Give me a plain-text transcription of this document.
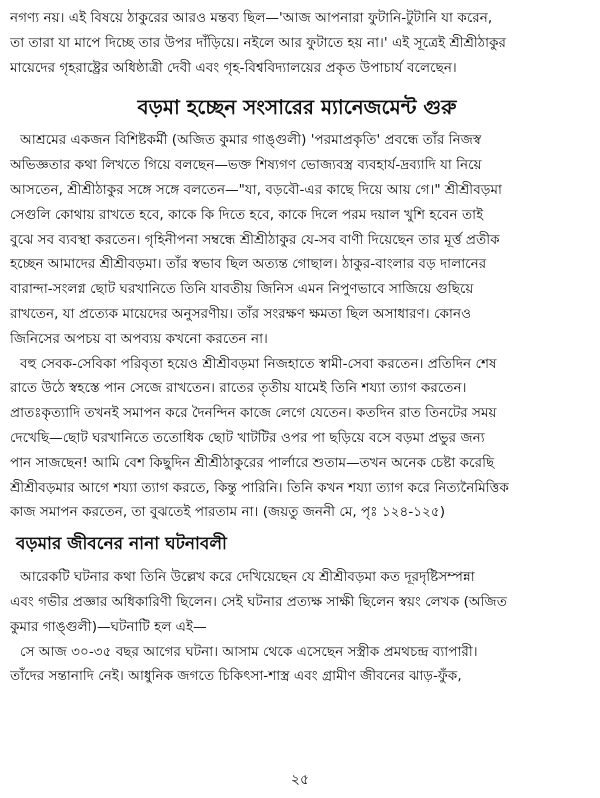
নগণ্য নয়। এই বিষয়ে ঠাকুরের আরও মন্তব্য ছিল—'আজ আপনারা ফুটানি-টুটানি যা করেন,
তা তারা যা মাপে দিচ্ছে তার উপর দাঁড়িয়ে। নইলে আর ফুটাতে হয় না।' এই সূত্রেই শ্রীশ্রীঠাকুর
মায়েদের গৃহরাষ্ট্রের অধিষ্ঠাত্রী দেবী এবং গৃহ-বিশ্ববিদ্যালয়ের প্রকৃত উপাচার্য বলেছেন।
বড়মা হচ্ছেন সংসারের ম্যানেজমেন্ট গুরু
আশ্রমের একজন বিশিষ্টকর্মী (অজিত কুমার গাঙ্গুলী) 'পরমাপ্রকৃতি' প্রবন্ধে তাঁর নিজস্ব
অভিজ্ঞতার কথা লিখতে গিয়ে বলছেন—ভক্ত শিষ্যগণ ভোজ্যবস্ত্র ব্যবহার্য-দ্রব্যাদি যা নিয়ে
আসতেন, শ্রীশ্রীঠাকুর সঙ্গে সঙ্গে বলতেন—"যা, বড়বৌ-এর কাছে দিয়ে আয় গে।" শ্রীশ্রীবড়মা
সেগুলি কোথায় রাখতে হবে, কাকে কি দিতে হবে, কাকে দিলে পরম দয়াল খুশি হবেন তাই
বুঝে সব ব্যবস্থা করতেন। গৃহিনীপনা সম্বন্ধে শ্রীশ্রীঠাকুর যে-সব বাণী দিয়েছেন তার মূর্ত্ত প্রতীক
হচ্ছেন আমাদের শ্রীশ্রীবড়মা। তাঁর স্বভাব ছিল অত্যন্ত গোছাল। ঠাকুর-বাংলার বড় দালানের
বারান্দা-সংলগ্ন ছোট ঘরখানিতে তিনি যাবতীয় জিনিস এমন নিপুণভাবে সাজিয়ে গুছিয়ে
রাখতেন, যা প্রত্যেক মায়েদের অনুসরণীয়। তাঁর সংরক্ষণ ক্ষমতা ছিল অসাধারণ। কোনও
জিনিসের অপচয় বা অপব্যয় কখনো করতেন না।
বহু সেবক-সেবিকা পরিবৃতা হয়েও শ্রীশ্রীবড়মা নিজহাতে স্বামী-সেবা করতেন। প্রতিদিন শেষ
রাতে উঠে স্বহস্তে পান সেজে রাখতেন। রাতের তৃতীয় যামেই তিনি শয্যা ত্যাগ করতেন।
প্রাতঃকৃত্যাদি তখনই সমাপন করে দৈনন্দিন কাজে লেগে যেতেন। কতদিন রাত তিনটের সময়
দেখেছি—ছোট ঘরখানিতে ততোধিক ছোট খাটটির ওপর পা ছড়িয়ে বসে বড়মা প্রভুর জন্য
পান সাজছেন! আমি বেশ কিছুদিন শ্রীশ্রীঠাকুরের পার্লারে শুতাম—তখন অনেক চেষ্টা করেছি
শ্রীশ্রীবড়মার আগে শয্যা ত্যাগ করতে, কিন্তু পারিনি। তিনি কখন শয্যা ত্যাগ করে নিত্যনৈমিত্তিক
কাজ সমাপন করতেন, তা বুঝতেই পারতাম না। (জয়তু জননী মে, পৃঃ ১২৪-১২৫)
বড়মার জীবনের নানা ঘটনাবলী
আরেকটি ঘটনার কথা তিনি উল্লেখ করে দেখিয়েছেন যে শ্রীশ্রীবড়মা কত দূরদৃষ্টিসম্পন্না
এবং গভীর প্রজ্ঞার অধিকারিণী ছিলেন। সেই ঘটনার প্রত্যক্ষ সাক্ষী ছিলেন স্বয়ং লেখক (অজিত
কুমার গাঙ্গুলী)—ঘটনাটি হল এই—
সে আজ ৩০-৩৫ বছর আগের ঘটনা। আসাম থেকে এসেছেন সস্ত্রীক প্রমথচন্দ্র ব্যাপারী।
তাঁদের সন্তানাদি নেই। আধুনিক জগতে চিকিৎসা-শাস্ত্র এবং গ্রামীণ জীবনের ঝাড়-ফুঁক,
২৫
